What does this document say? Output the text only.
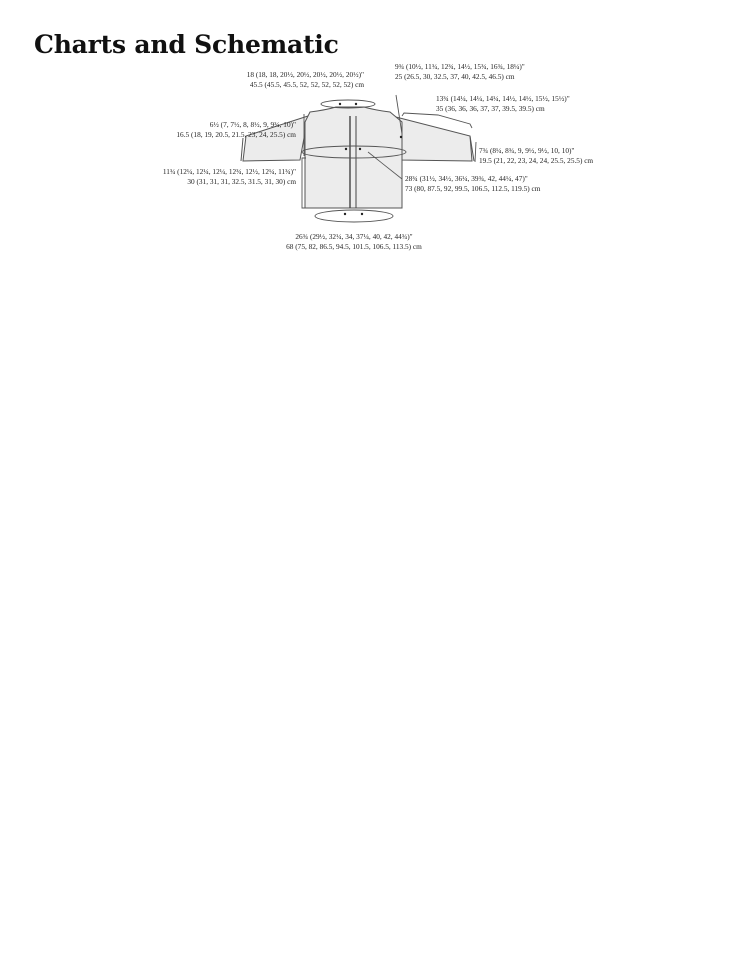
Charts and Schematic
18 (18, 18, 20½, 20½, 20½, 20½, 20½)"
45.5 (45.5, 45.5, 52, 52, 52, 52, 52) cm
9¾ (10½, 11¾, 12¾, 14½, 15¾, 16¾, 18¼)"
25 (26.5, 30, 32.5, 37, 40, 42.5, 46.5) cm
13¾ (14¼, 14¼, 14¼, 14½, 14½, 15½, 15½)"
35 (36, 36, 36, 37, 37, 39.5, 39.5) cm
6½ (7, 7½, 8, 8½, 9, 9¾, 10)"
16.5 (18, 19, 20.5, 21.5, 23, 24, 25.5) cm
7¾ (8¼, 8¾, 9, 9½, 9½, 10, 10)"
19.5 (21, 22, 23, 24, 24, 25.5, 25.5) cm
28¾ (31½, 34½, 36¼, 39¾, 42, 44¼, 47)"
73 (80, 87.5, 92, 99.5, 106.5, 112.5, 119.5) cm
11¾ (12¼, 12¼, 12¼, 12¾, 12½, 12¼, 11¾)"
30 (31, 31, 31, 32.5, 31.5, 31, 30) cm
26¾ (29½, 32¼, 34, 37¼, 40, 42, 44¾)"
68 (75, 82, 86.5, 94.5, 101.5, 106.5, 113.5) cm
